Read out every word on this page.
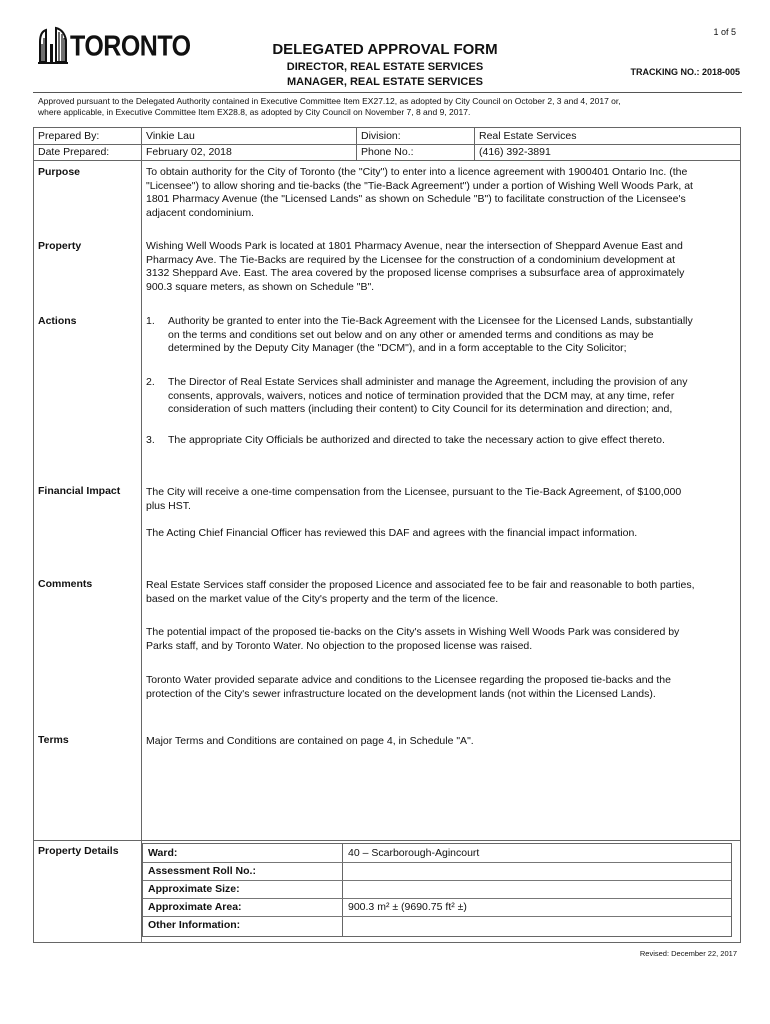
1 of 5
TORONTO	DELEGATED APPROVAL FORM
DIRECTOR, REAL ESTATE SERVICES
MANAGER, REAL ESTATE SERVICES
TRACKING NO.: 2018-005
Approved pursuant to the Delegated Authority contained in Executive Committee Item EX27.12, as adopted by City Council on October 2, 3 and 4, 2017 or,
where applicable, in Executive Committee Item EX28.8, as adopted by City Council on November 7, 8 and 9, 2017.
Prepared By:	Vinkie Lau	Division:	Real Estate Services
Date Prepared:	February 02, 2018	Phone No.:	(416) 392-3891
Purpose	To obtain authority for the City of Toronto (the "City") to enter into a licence agreement with 1900401 Ontario Inc. (the
"Licensee") to allow shoring and tie-backs (the "Tie-Back Agreement") under a portion of Wishing Well Woods Park, at
1801 Pharmacy Avenue (the "Licensed Lands" as shown on Schedule "B") to facilitate construction of the Licensee's
adjacent condominium.
Property	Wishing Well Woods Park is located at 1801 Pharmacy Avenue, near the intersection of Sheppard Avenue East and
Pharmacy Ave. The Tie-Backs are required by the Licensee for the construction of a condominium development at
3132 Sheppard Ave. East. The area covered by the proposed license comprises a subsurface area of approximately
900.3 square meters, as shown on Schedule "B".
Actions	1. Authority be granted to enter into the Tie-Back Agreement with the Licensee for the Licensed Lands, substantially
on the terms and conditions set out below and on any other or amended terms and conditions as may be
determined by the Deputy City Manager (the "DCM"), and in a form acceptable to the City Solicitor;
2. The Director of Real Estate Services shall administer and manage the Agreement, including the provision of any
consents, approvals, waivers, notices and notice of termination provided that the DCM may, at any time, refer
consideration of such matters (including their content) to City Council for its determination and direction; and,
3. The appropriate City Officials be authorized and directed to take the necessary action to give effect thereto.
Financial Impact The City will receive a one-time compensation from the Licensee, pursuant to the Tie-Back Agreement, of $100,000
plus HST.
The Acting Chief Financial Officer has reviewed this DAF and agrees with the financial impact information.
Comments	Real Estate Services staff consider the proposed Licence and associated fee to be fair and reasonable to both parties,
based on the market value of the City's property and the term of the licence.
The potential impact of the proposed tie-backs on the City's assets in Wishing Well Woods Park was considered by
Parks staff, and by Toronto Water. No objection to the proposed license was raised.
Toronto Water provided separate advice and conditions to the Licensee regarding the proposed tie-backs and the
protection of the City's sewer infrastructure located on the development lands (not within the Licensed Lands).
Terms	Major Terms and Conditions are contained on page 4, in Schedule "A".
Property Details	Ward:	40 – Scarborough-Agincourt
Assessment Roll No.:
Approximate Size:
Approximate Area:	900.3 m² ± (9690.75 ft² ±)
Other Information:
Revised: December 22, 2017
